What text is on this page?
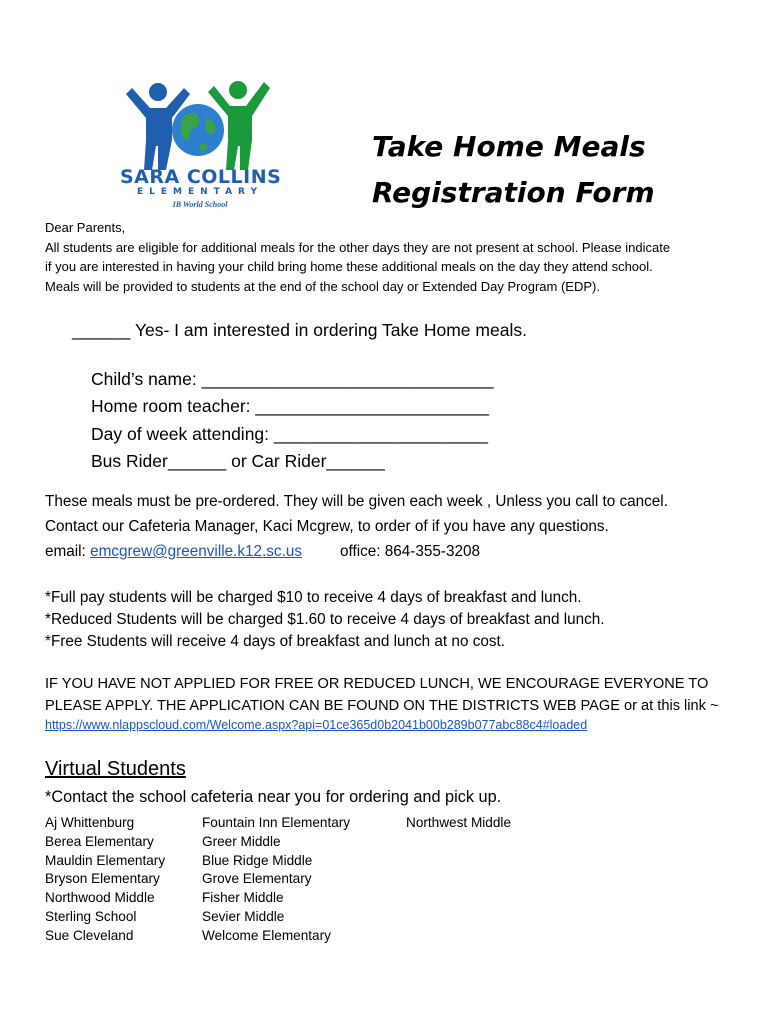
SARA COLLINS
ELEMENTARY
IB World School
Take Home Meals
Registration Form
Dear Parents,
All students are eligible for additional meals for the other days they are not present at school. Please indicate
if you are interested in having your child bring home these additional meals on the day they attend school.
Meals will be provided to students at the end of the school day or Extended Day Program (EDP).
______ Yes- I am interested in ordering Take Home meals.
Child’s name: ______________________________
Home room teacher: ________________________
Day of week attending: ______________________
Bus Rider______ or Car Rider______
These meals must be pre-ordered. They will be given each week , Unless you call to cancel.
Contact our Cafeteria Manager, Kaci Mcgrew, to order of if you have any questions.
email: emcgrew@greenville.k12.sc.us office: 864-355-3208
*Full pay students will be charged $10 to receive 4 days of breakfast and lunch.
*Reduced Students will be charged $1.60 to receive 4 days of breakfast and lunch.
*Free Students will receive 4 days of breakfast and lunch at no cost.
IF YOU HAVE NOT APPLIED FOR FREE OR REDUCED LUNCH, WE ENCOURAGE EVERYONE TO
PLEASE APPLY. THE APPLICATION CAN BE FOUND ON THE DISTRICTS WEB PAGE or at this link ~
https://www.nlappscloud.com/Welcome.aspx?api=01ce365d0b2041b00b289b077abc88c4#loaded
Virtual Students
*Contact the school cafeteria near you for ordering and pick up.
Aj Whittenburg
Berea Elementary
Mauldin Elementary
Bryson Elementary
Northwood Middle
Sterling School
Sue Cleveland
Fountain Inn Elementary
Greer Middle
Blue Ridge Middle
Grove Elementary
Fisher Middle
Sevier Middle
Welcome Elementary
Northwest Middle
